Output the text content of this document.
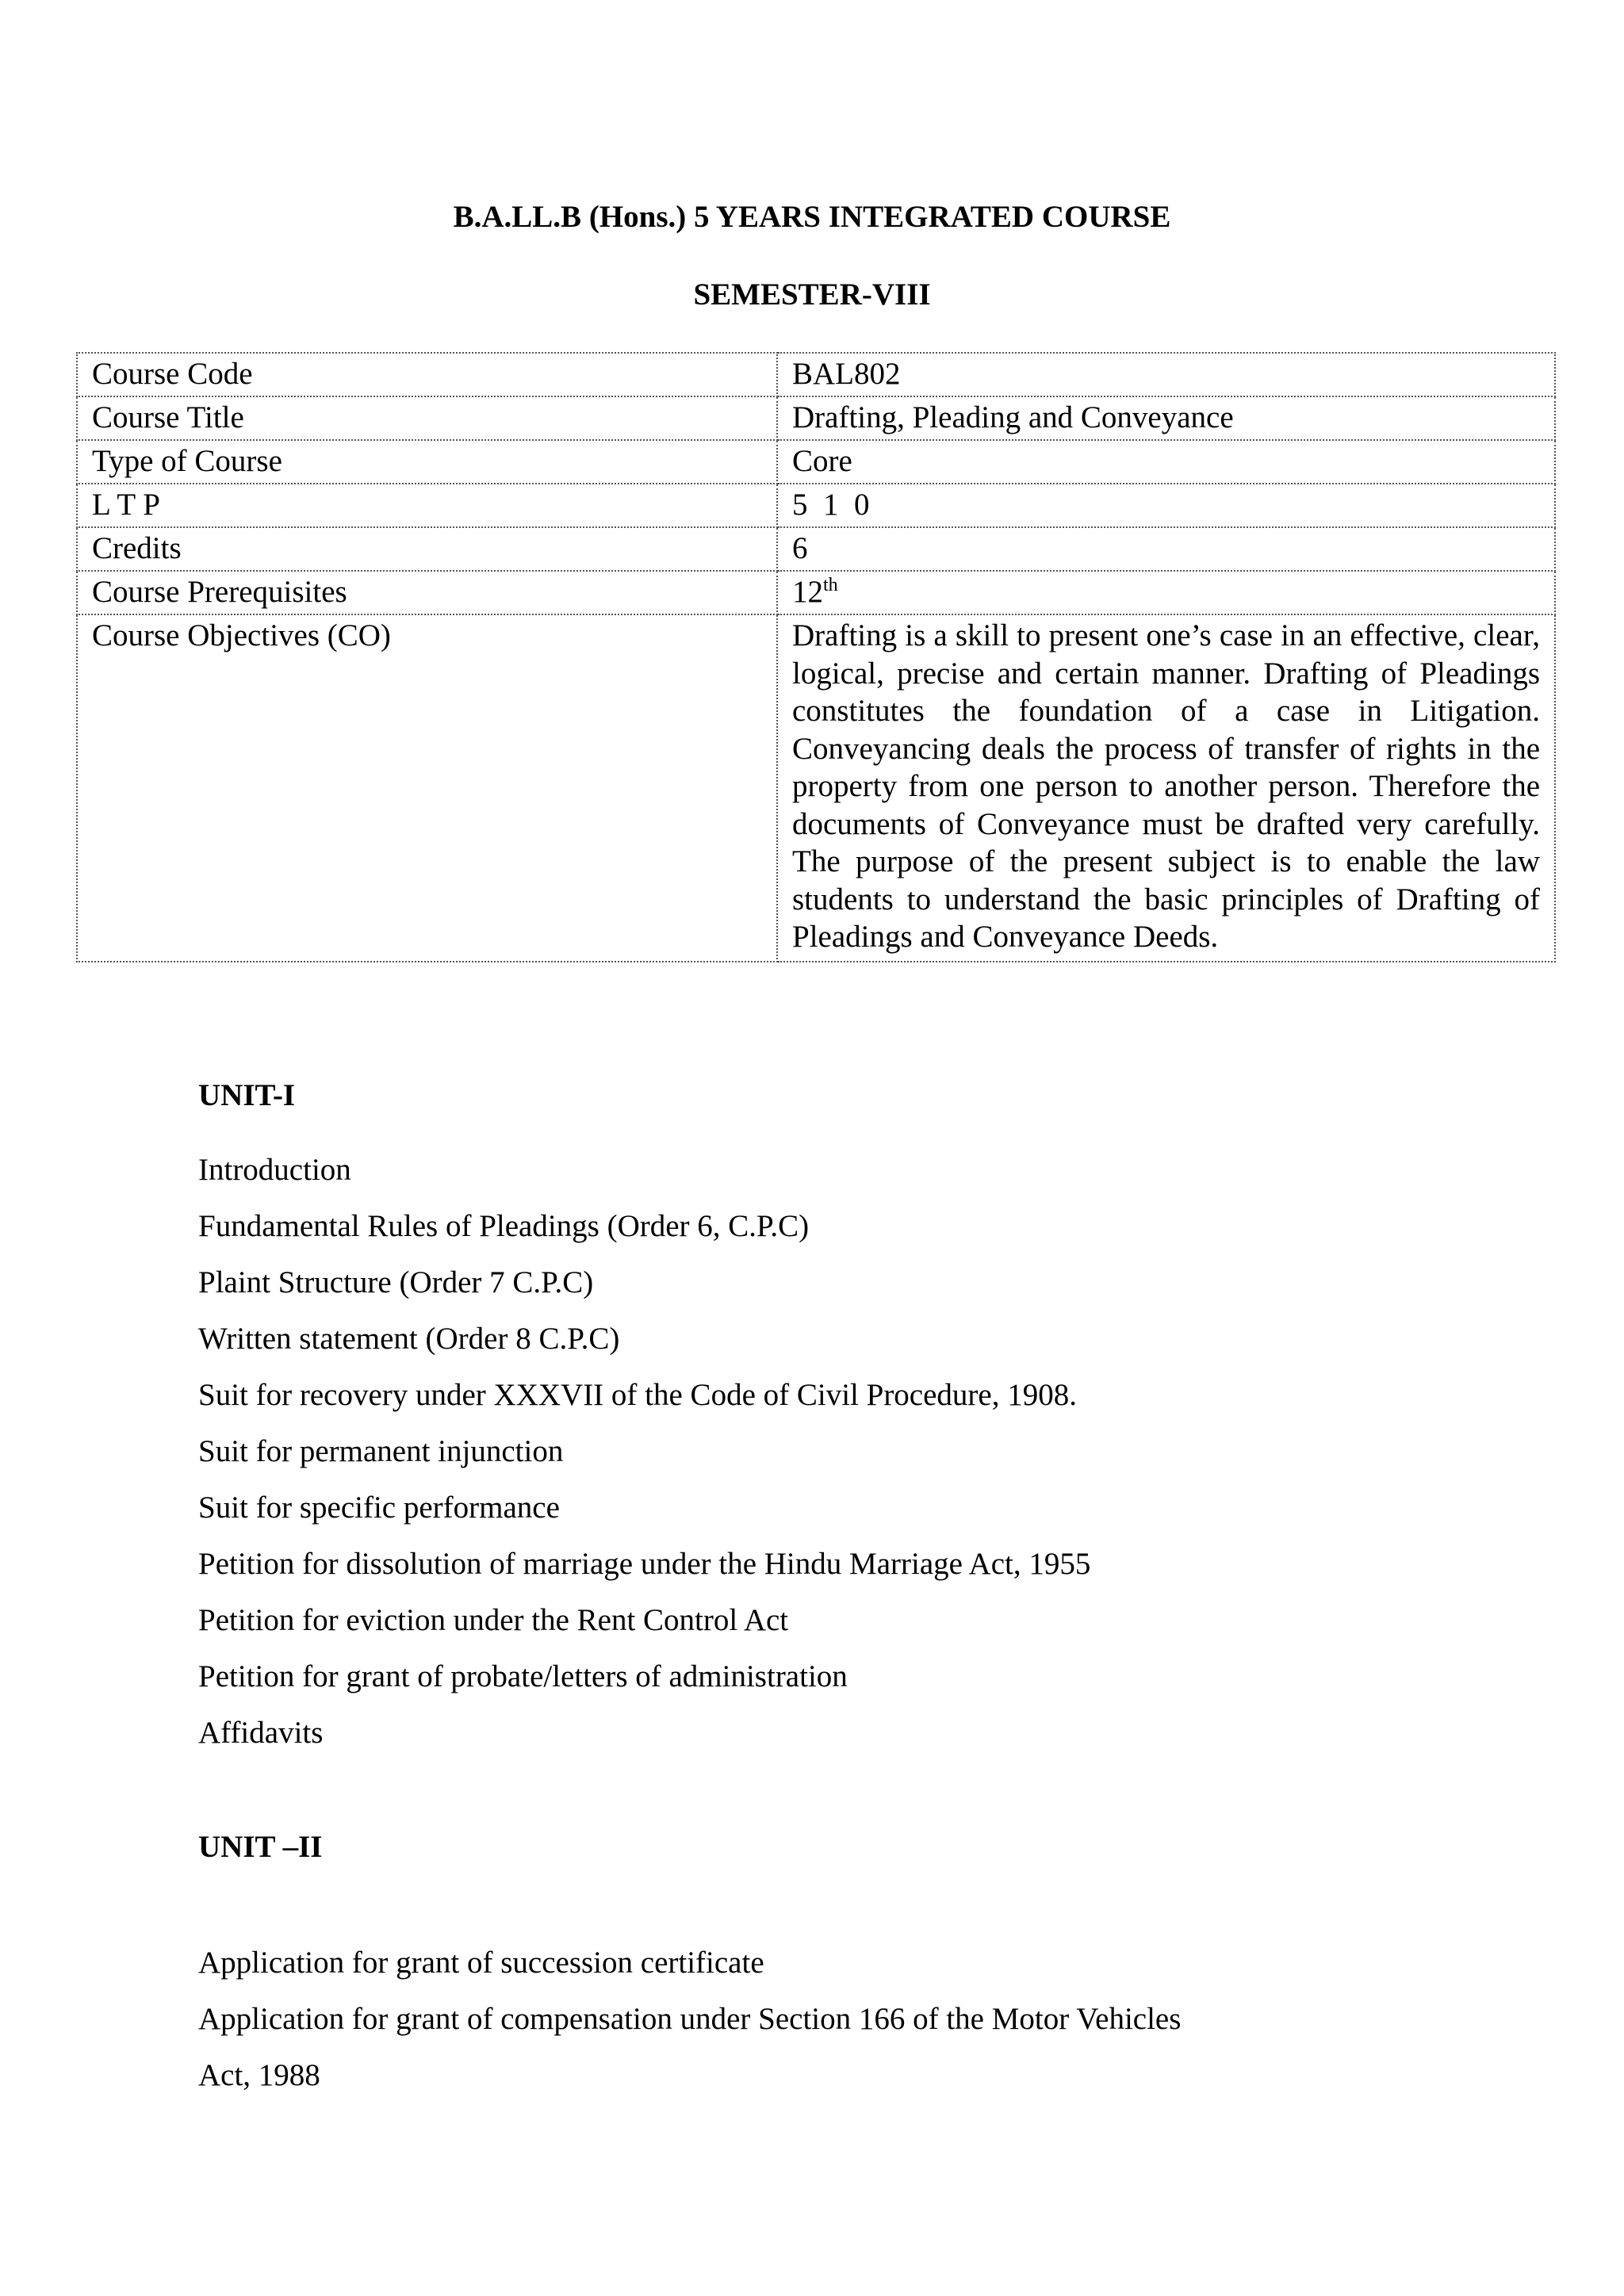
B.A.LL.B (Hons.) 5 YEARS INTEGRATED COURSE
SEMESTER-VIII
Course Code	BAL802
Course Title	Drafting, Pleading and Conveyance
Type of Course	Core
L T P	5  1  0
Credits	6
Course Prerequisites	12th
Course Objectives (CO)	Drafting is a skill to present one’s case in an effective, clear, logical, precise and certain manner. Drafting of Pleadings constitutes the foundation of a case in Litigation. Conveyancing deals the process of transfer of rights in the property from one person to another person. Therefore the documents of Conveyance must be drafted very carefully. The purpose of the present subject is to enable the law students to understand the basic principles of Drafting of Pleadings and Conveyance Deeds.
UNIT-I
Introduction
Fundamental Rules of Pleadings (Order 6, C.P.C)
Plaint Structure (Order 7 C.P.C)
Written statement (Order 8 C.P.C)
Suit for recovery under XXXVII of the Code of Civil Procedure, 1908.
Suit for permanent injunction
Suit for specific performance
Petition for dissolution of marriage under the Hindu Marriage Act, 1955
Petition for eviction under the Rent Control Act
Petition for grant of probate/letters of administration
Affidavits
UNIT –II
Application for grant of succession certificate
Application for grant of compensation under Section 166 of the Motor Vehicles
Act, 1988
